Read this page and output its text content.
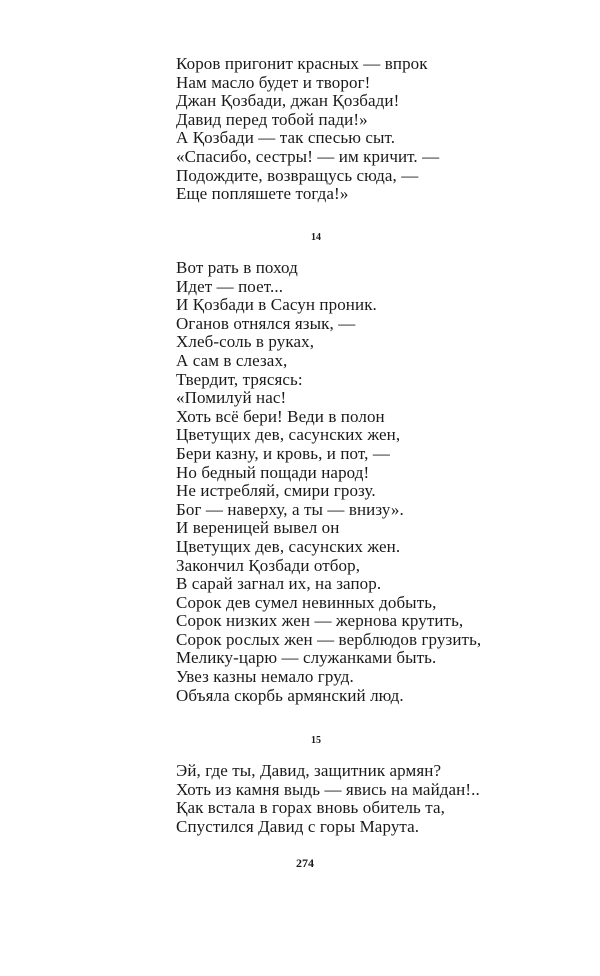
Коров пригонит красных — впрок
Нам масло будет и творог!
Джан Қозбади, джан Қозбади!
Давид перед тобой пади!»
А Қозбади — так спесью сыт.
«Спасибо, сестры! — им кричит. —
Подождите, возвращусь сюда, —
Еще попляшете тогда!»
14
Вот рать в поход
Идет — поет...
И Қозбади в Сасун проник.
Оганов отнялся язык, —
Хлеб-соль в руках,
А сам в слезах,
Твердит, трясясь:
«Помилуй нас!
Хоть всё бери! Веди в полон
Цветущих дев, сасунских жен,
Бери казну, и кровь, и пот, —
Но бедный пощади народ!
Не истребляй, смири грозу.
Бог — наверху, а ты — внизу».
И вереницей вывел он
Цветущих дев, сасунских жен.
Закончил Қозбади отбор,
В сарай загнал их, на запор.
Сорок дев сумел невинных добыть,
Сорок низких жен — жернова крутить,
Сорок рослых жен — верблюдов грузить,
Мелику-царю — служанками быть.
Увез казны немало груд.
Объяла скорбь армянский люд.
15
Эй, где ты, Давид, защитник армян?
Хоть из камня выдь — явись на майдан!..
Қак встала в горах вновь обитель та,
Спустился Давид с горы Марута.
274
